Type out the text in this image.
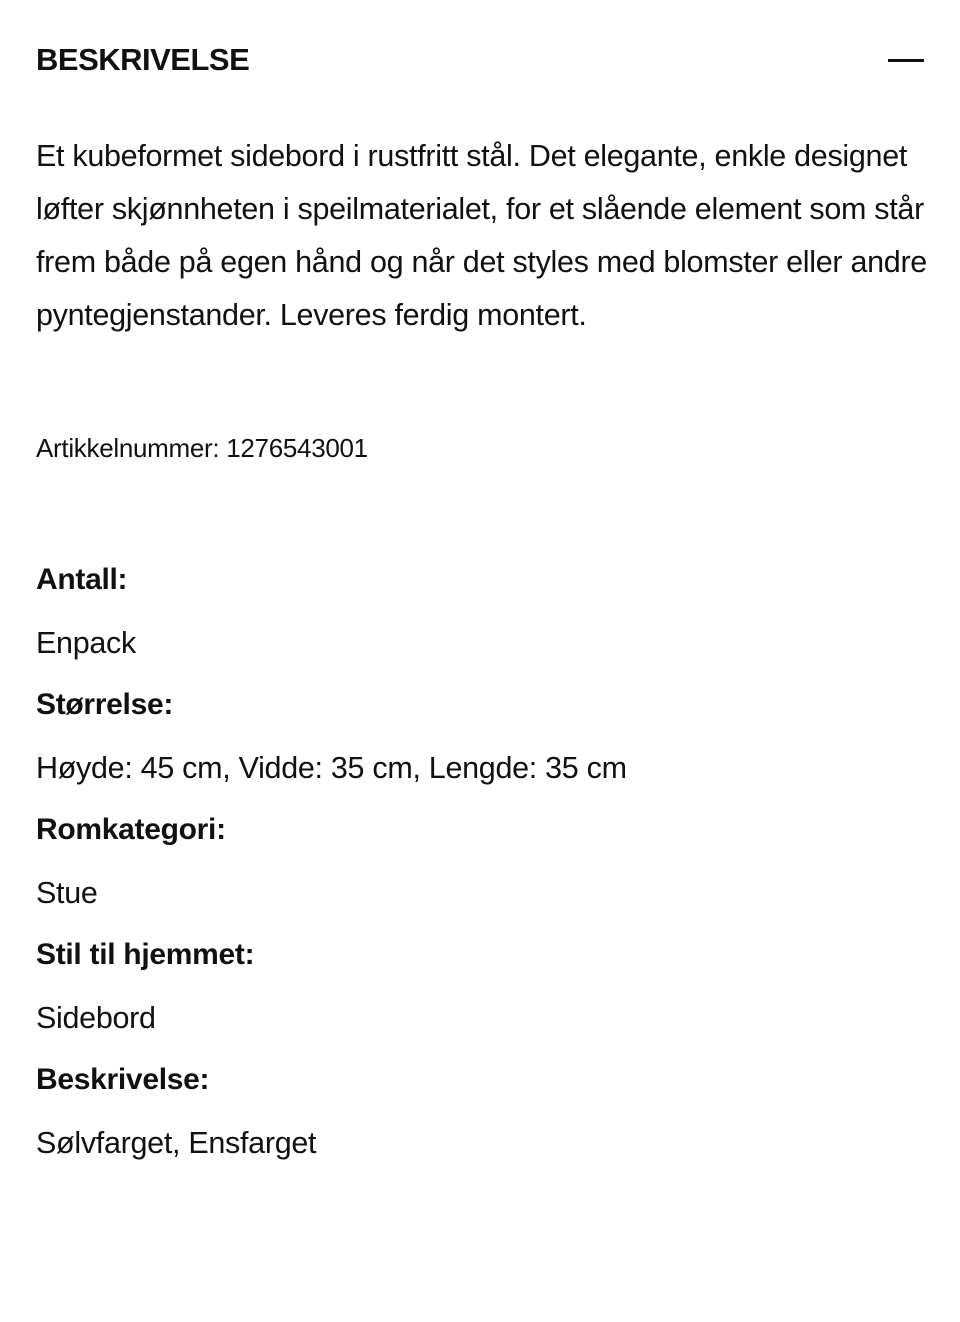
BESKRIVELSE

Et kubeformet sidebord i rustfritt stål. Det elegante, enkle designet løfter skjønnheten i speilmaterialet, for et slående element som står frem både på egen hånd og når det styles med blomster eller andre pyntegjenstander. Leveres ferdig montert.

Artikkelnummer: 1276543001
Antall:
Enpack
Størrelse:
Høyde: 45 cm, Vidde: 35 cm, Lengde: 35 cm
Romkategori:
Stue
Stil til hjemmet:
Sidebord
Beskrivelse:
Sølvfarget, Ensfarget
